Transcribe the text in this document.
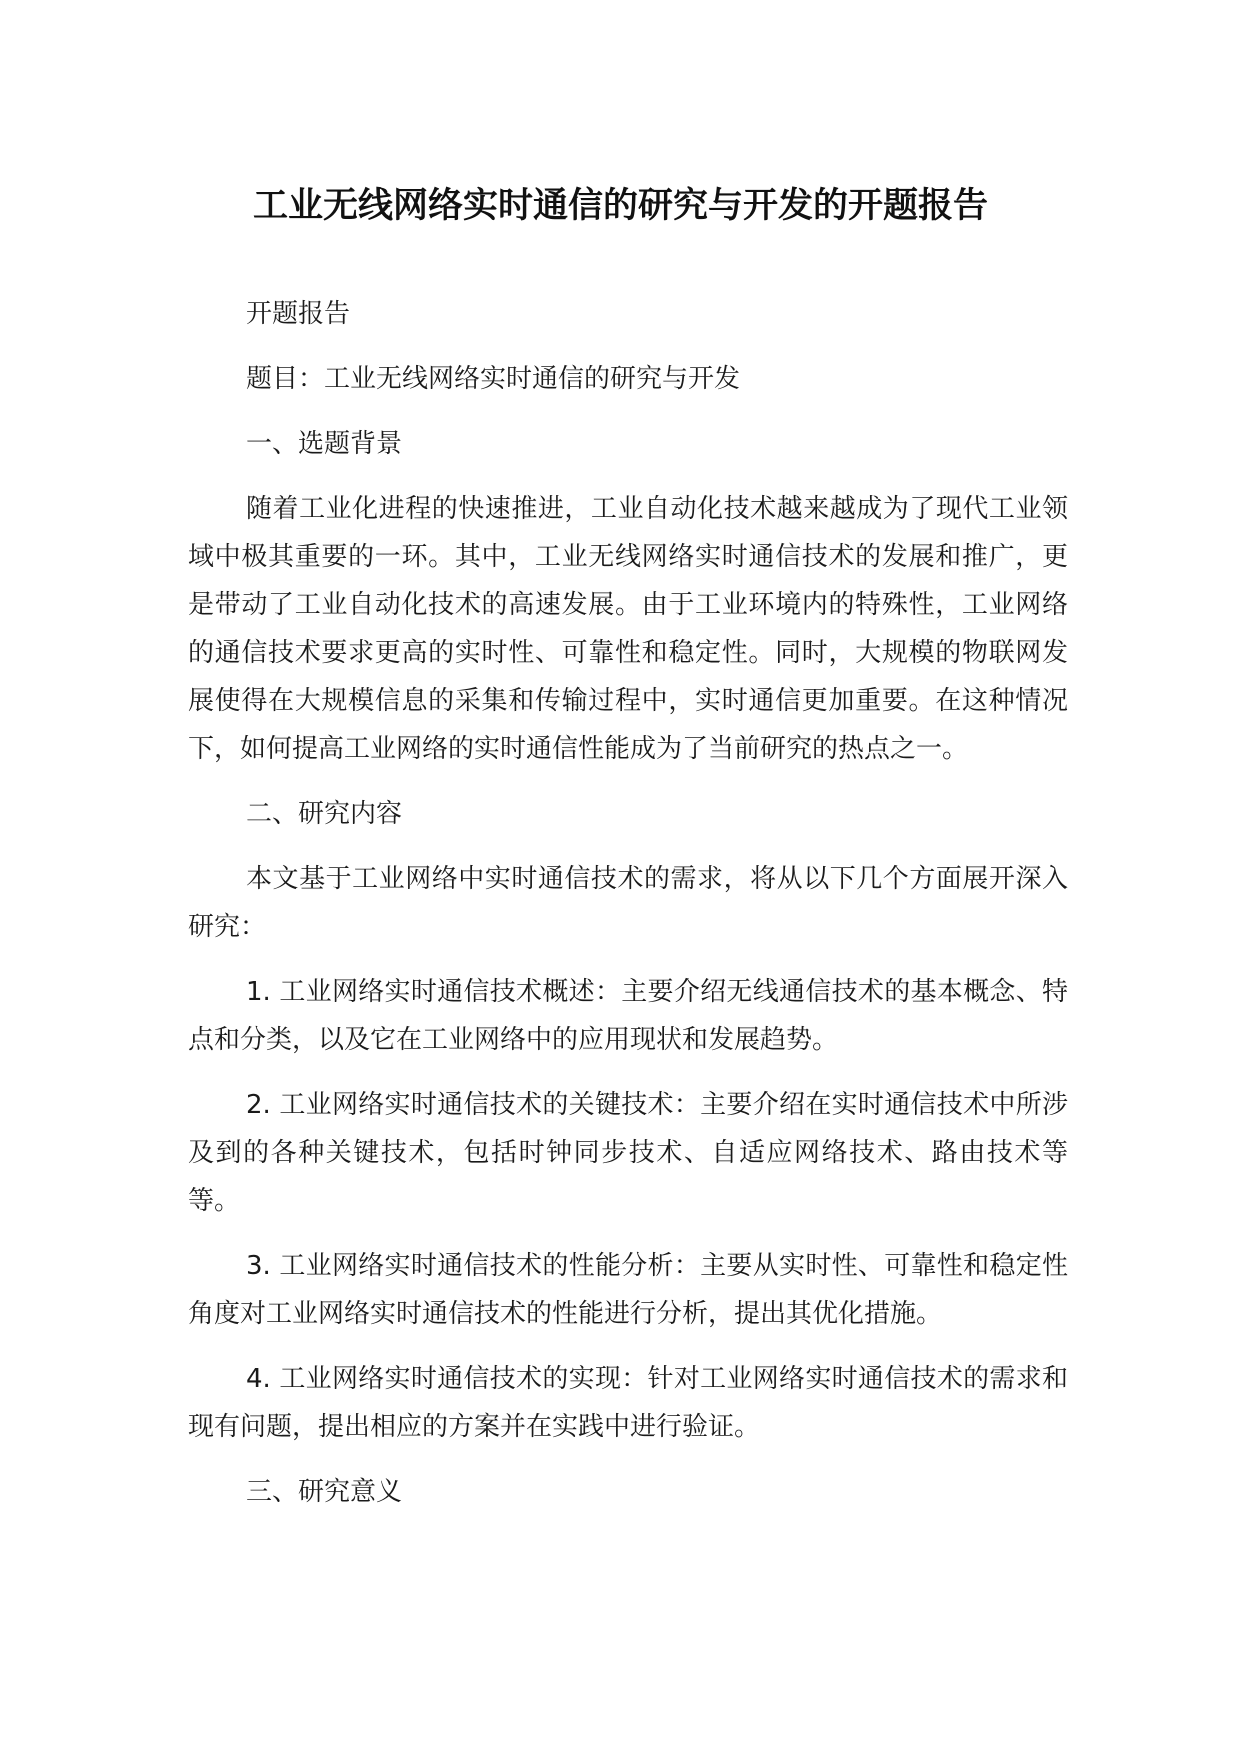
工业无线网络实时通信的研究与开发的开题报告

开题报告

题目：工业无线网络实时通信的研究与开发

一、选题背景

随着工业化进程的快速推进，工业自动化技术越来越成为了现代工业领域中极其重要的一环。其中，工业无线网络实时通信技术的发展和推广，更是带动了工业自动化技术的高速发展。由于工业环境内的特殊性，工业网络的通信技术要求更高的实时性、可靠性和稳定性。同时，大规模的物联网发展使得在大规模信息的采集和传输过程中，实时通信更加重要。在这种情况下，如何提高工业网络的实时通信性能成为了当前研究的热点之一。

二、研究内容

本文基于工业网络中实时通信技术的需求，将从以下几个方面展开深入研究：

1. 工业网络实时通信技术概述：主要介绍无线通信技术的基本概念、特点和分类，以及它在工业网络中的应用现状和发展趋势。

2. 工业网络实时通信技术的关键技术：主要介绍在实时通信技术中所涉及到的各种关键技术，包括时钟同步技术、自适应网络技术、路由技术等等。

3. 工业网络实时通信技术的性能分析：主要从实时性、可靠性和稳定性角度对工业网络实时通信技术的性能进行分析，提出其优化措施。

4. 工业网络实时通信技术的实现：针对工业网络实时通信技术的需求和现有问题，提出相应的方案并在实践中进行验证。

三、研究意义
